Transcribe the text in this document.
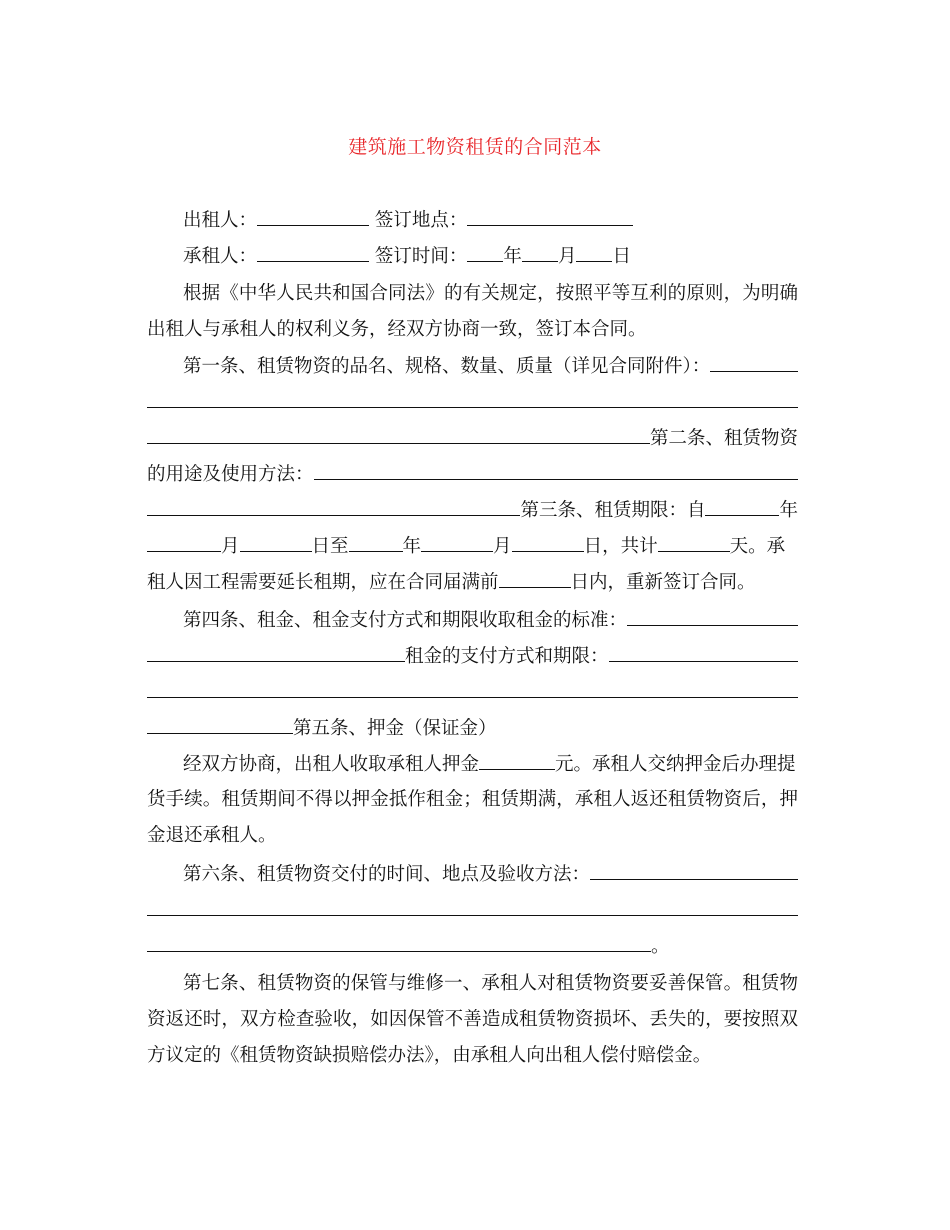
建筑施工物资租赁的合同范本
出租人：	签订地点：
承租人：	签订时间： 年 月 日
根据《中华人民共和国合同法》的有关规定，按照平等互利的原则，为明确
出租人与承租人的权利义务，经双方协商一致，签订本合同。
第一条、租赁物资的品名、规格、数量、质量（详见合同附件）：
第二条、租赁物资
的用途及使用方法：
第三条、租赁期限：自	年
月	日至	年	月	日，共计	天。承
租人因工程需要延长租期，应在合同届满前	日内，重新签订合同。
第四条、租金、租金支付方式和期限收取租金的标准：
租金的支付方式和期限：
第五条、押金（保证金）
经双方协商，出租人收取承租人押金	元。承租人交纳押金后办理提
货手续。租赁期间不得以押金抵作租金；租赁期满，承租人返还租赁物资后，押
金退还承租人。
第六条、租赁物资交付的时间、地点及验收方法：
。
第七条、租赁物资的保管与维修一、承租人对租赁物资要妥善保管。租赁物
资返还时，双方检查验收，如因保管不善造成租赁物资损坏、丢失的，要按照双
方议定的《租赁物资缺损赔偿办法》，由承租人向出租人偿付赔偿金。
